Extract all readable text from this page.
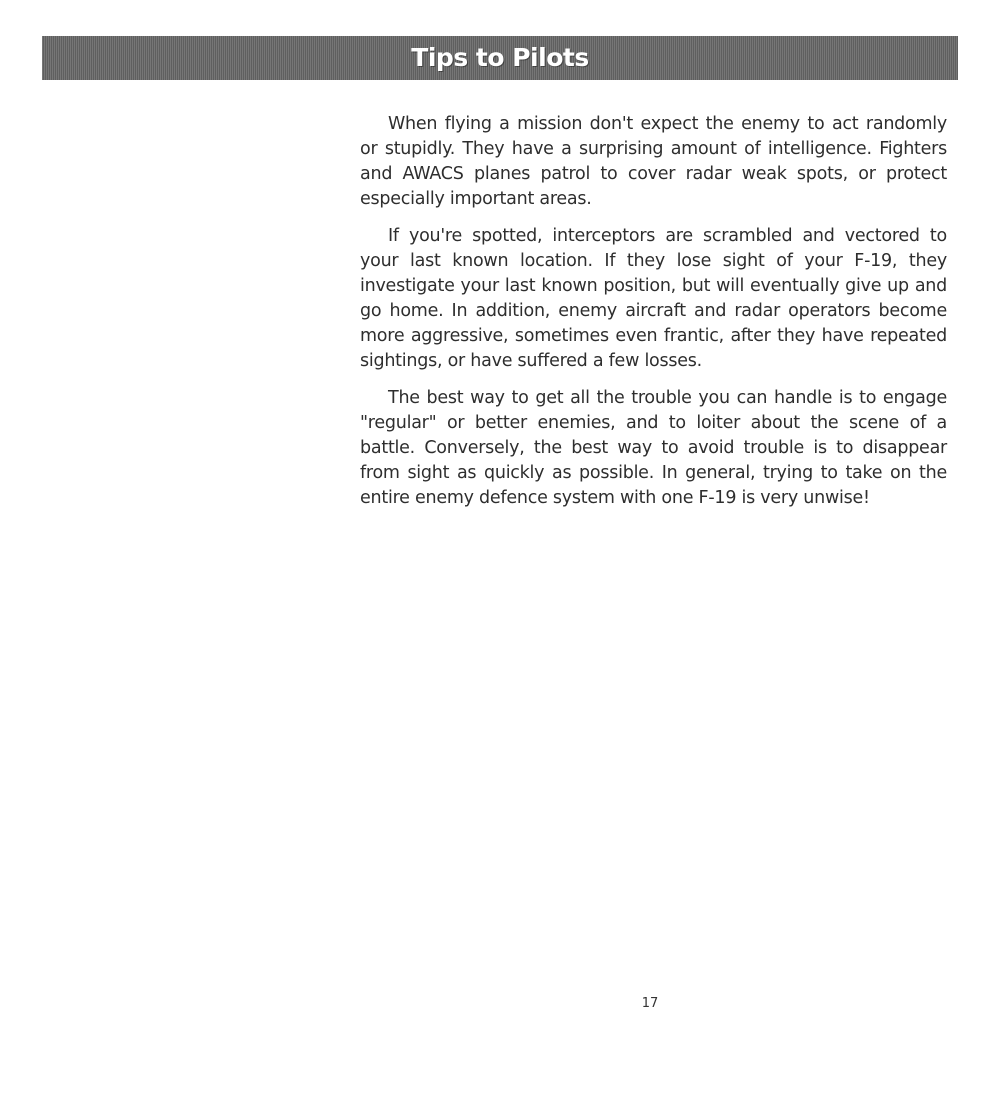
Tips to Pilots

When flying a mission don't expect the enemy to act randomly or stupidly. They have a surprising amount of intelligence. Fighters and AWACS planes patrol to cover radar weak spots, or protect especially important areas.

If you're spotted, interceptors are scrambled and vectored to your last known location. If they lose sight of your F-19, they investigate your last known position, but will eventually give up and go home. In addition, enemy aircraft and radar operators become more aggressive, sometimes even frantic, after they have repeated sightings, or have suffered a few losses.

The best way to get all the trouble you can handle is to engage "regular" or better enemies, and to loiter about the scene of a battle. Conversely, the best way to avoid trouble is to disappear from sight as quickly as possible. In general, trying to take on the entire enemy defence system with one F-19 is very unwise!

17
